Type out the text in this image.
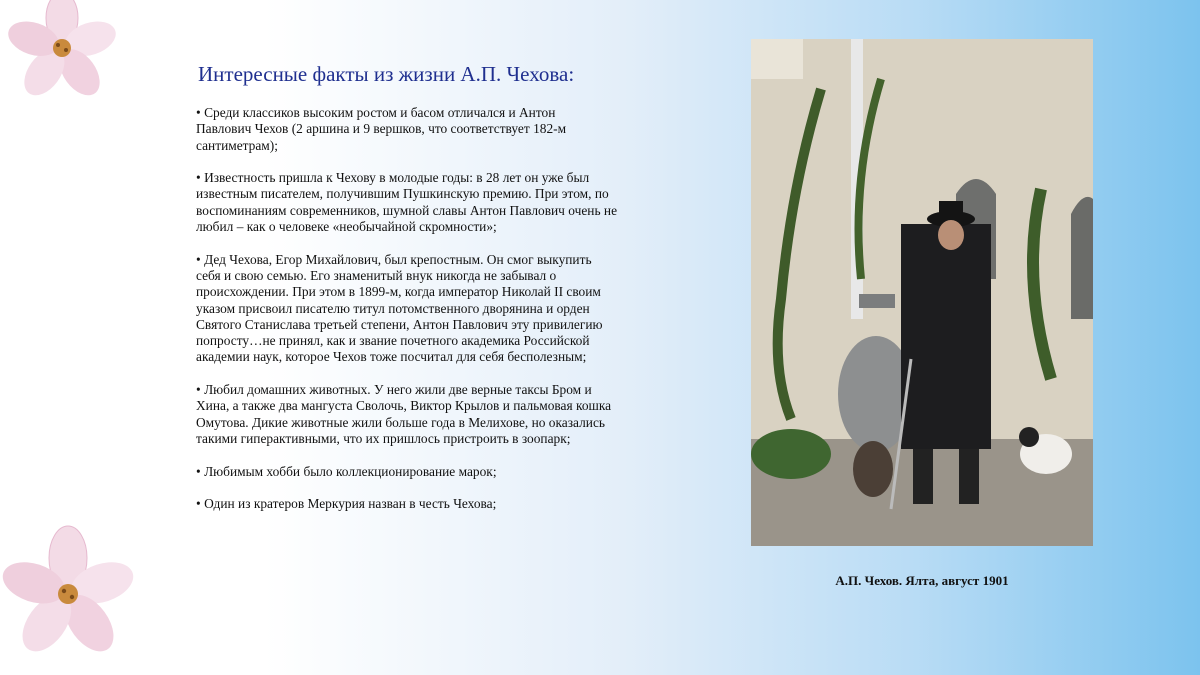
Интересные факты из жизни А.П. Чехова:
• Среди классиков высоким ростом и басом отличался и Антон
Павлович Чехов (2 аршина и 9 вершков, что соответствует 182-м
сантиметрам);
• Известность пришла к Чехову в молодые годы: в 28 лет он уже был
известным писателем, получившим Пушкинскую премию. При этом, по
воспоминаниям современников, шумной славы Антон Павлович очень не
любил – как о человеке «необычайной скромности»;
• Дед Чехова, Егор Михайлович, был крепостным. Он смог выкупить
себя и свою семью. Его знаменитый внук никогда не забывал о
происхождении. При этом в 1899-м, когда император Николай II своим
указом присвоил писателю титул потомственного дворянина и орден
Святого Станислава третьей степени, Антон Павлович эту привилегию
попросту…не принял, как и звание почетного академика Российской
академии наук, которое Чехов тоже посчитал для себя бесполезным;
• Любил домашних животных. У него жили две верные таксы Бром и
Хина, а также два мангуста Сволочь, Виктор Крылов и пальмовая кошка
Омутова. Дикие животные жили больше года в Мелихове, но оказались
такими гиперактивными, что их пришлось пристроить в зоопарк;
• Любимым хобби было коллекционирование марок;
• Один из кратеров Меркурия назван в честь Чехова;
А.П. Чехов. Ялта, август 1901
